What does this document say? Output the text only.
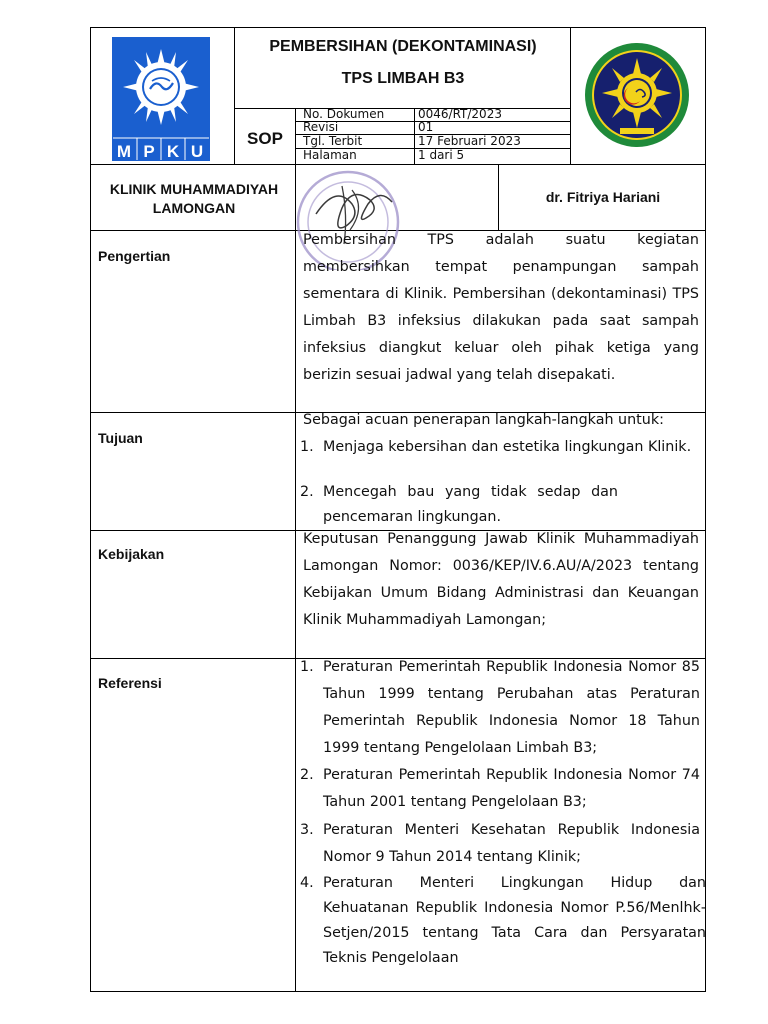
M P K U
PEMBERSIHAN (DEKONTAMINASI)
TPS LIMBAH B3
SOP
No. Dokumen	0046/RT/2023
Revisi	01
Tgl. Terbit	17 Februari 2023
Halaman	1 dari 5
KLINIK MUHAMMADIYAH LAMONGAN
dr. Fitriya Hariani
Pengertian

Pembersihan TPS adalah suatu kegiatan membersihkan tempat penampungan sampah sementara di Klinik. Pembersihan (dekontaminasi) TPS Limbah B3 infeksius dilakukan pada saat sampah infeksius diangkut keluar oleh pihak ketiga yang berizin sesuai jadwal yang telah disepakati.

Tujuan
Sebagai acuan penerapan langkah-langkah untuk:
1. Menjaga kebersihan dan estetika lingkungan Klinik.
2. Mencegah bau yang tidak sedap dan pencemaran lingkungan.
Kebijakan

Keputusan Penanggung Jawab Klinik Muhammadiyah Lamongan Nomor: 0036/KEP/IV.6.AU/A/2023 tentang Kebijakan Umum Bidang Administrasi dan Keuangan Klinik Muhammadiyah Lamongan;

Referensi
1. Peraturan Pemerintah Republik Indonesia Nomor 85 Tahun 1999 tentang Perubahan atas Peraturan Pemerintah Republik Indonesia Nomor 18 Tahun 1999 tentang Pengelolaan Limbah B3;
2. Peraturan Pemerintah Republik Indonesia Nomor 74 Tahun 2001 tentang Pengelolaan B3;
3. Peraturan Menteri Kesehatan Republik Indonesia Nomor 9 Tahun 2014 tentang Klinik;
4. Peraturan Menteri Lingkungan Hidup dan Kehuatanan Republik Indonesia Nomor P.56/Menlhk-Setjen/2015 tentang Tata Cara dan Persyaratan Teknis Pengelolaan
